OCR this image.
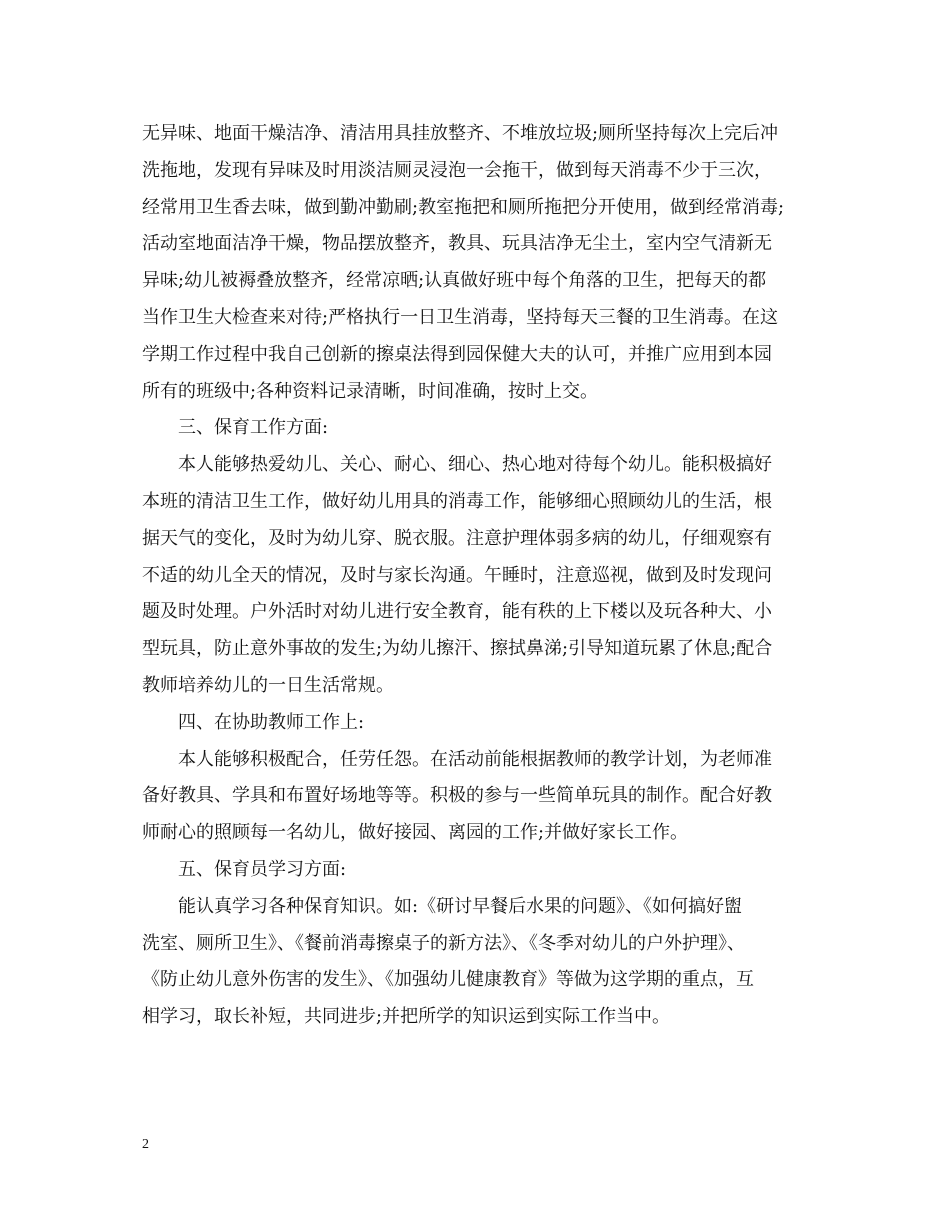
无异味、地面干燥洁净、清洁用具挂放整齐、不堆放垃圾;厕所坚持每次上完后冲
洗拖地，发现有异味及时用淡洁厕灵浸泡一会拖干，做到每天消毒不少于三次，
经常用卫生香去味，做到勤冲勤刷;教室拖把和厕所拖把分开使用，做到经常消毒;
活动室地面洁净干燥，物品摆放整齐，教具、玩具洁净无尘土，室内空气清新无
异味;幼儿被褥叠放整齐，经常凉晒;认真做好班中每个角落的卫生，把每天的都
当作卫生大检查来对待;严格执行一日卫生消毒，坚持每天三餐的卫生消毒。在这
学期工作过程中我自己创新的擦桌法得到园保健大夫的认可，并推广应用到本园
所有的班级中;各种资料记录清晰，时间准确，按时上交。
三、保育工作方面:
本人能够热爱幼儿、关心、耐心、细心、热心地对待每个幼儿。能积极搞好
本班的清洁卫生工作，做好幼儿用具的消毒工作，能够细心照顾幼儿的生活，根
据天气的变化，及时为幼儿穿、脱衣服。注意护理体弱多病的幼儿，仔细观察有
不适的幼儿全天的情况，及时与家长沟通。午睡时，注意巡视，做到及时发现问
题及时处理。户外活时对幼儿进行安全教育，能有秩的上下楼以及玩各种大、小
型玩具，防止意外事故的发生;为幼儿擦汗、擦拭鼻涕;引导知道玩累了休息;配合
教师培养幼儿的一日生活常规。
四、在协助教师工作上:
本人能够积极配合，任劳任怨。在活动前能根据教师的教学计划，为老师准
备好教具、学具和布置好场地等等。积极的参与一些简单玩具的制作。配合好教
师耐心的照顾每一名幼儿，做好接园、离园的工作;并做好家长工作。
五、保育员学习方面:
能认真学习各种保育知识。如:《研讨早餐后水果的问题》、《如何搞好盥
洗室、厕所卫生》、《餐前消毒擦桌子的新方法》、《冬季对幼儿的户外护理》、
《防止幼儿意外伤害的发生》、《加强幼儿健康教育》等做为这学期的重点，互
相学习，取长补短，共同进步;并把所学的知识运到实际工作当中。
2
